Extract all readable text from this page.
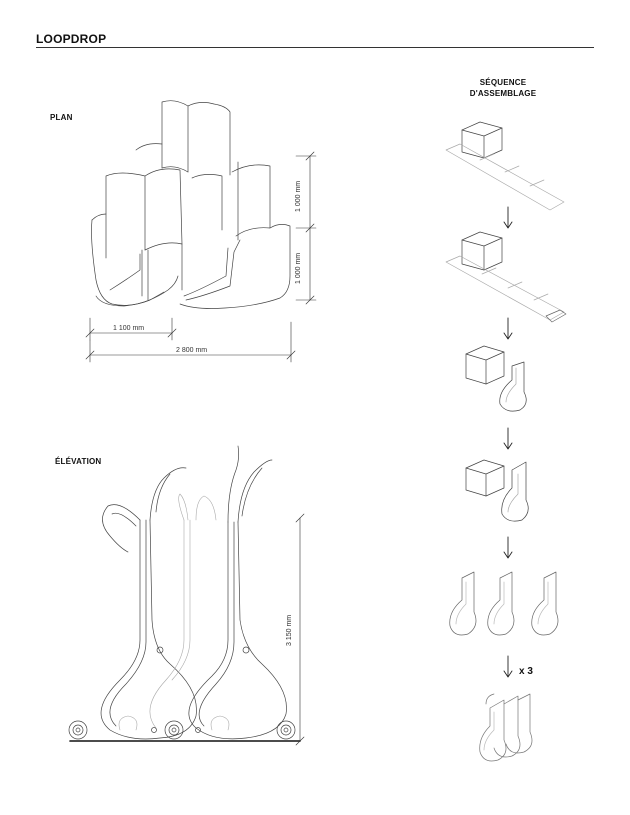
LOOPDROP
PLAN
ÉLÉVATION
SÉQUENCE
D'ASSEMBLAGE
1 000 mm
1 000 mm
1 100 mm
2 800 mm
3 150 mm
x 3
